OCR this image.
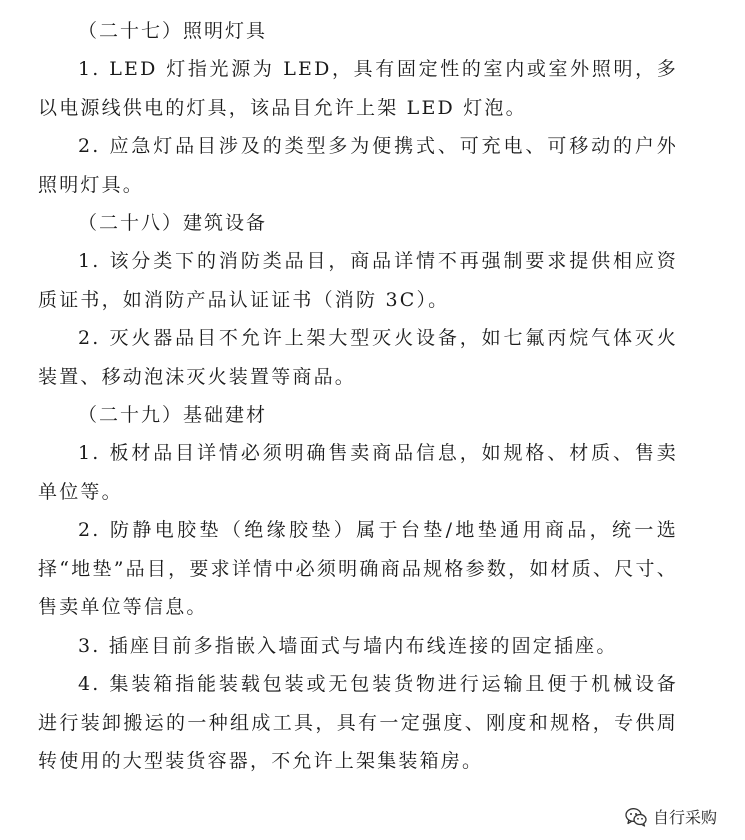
（二十七）照明灯具

1. LED 灯指光源为 LED，具有固定性的室内或室外照明，多以电源线供电的灯具，该品目允许上架 LED 灯泡。

2. 应急灯品目涉及的类型多为便携式、可充电、可移动的户外照明灯具。

（二十八）建筑设备

1. 该分类下的消防类品目，商品详情不再强制要求提供相应资质证书，如消防产品认证证书（消防 3C）。

2. 灭火器品目不允许上架大型灭火设备，如七氟丙烷气体灭火装置、移动泡沫灭火装置等商品。

（二十九）基础建材

1. 板材品目详情必须明确售卖商品信息，如规格、材质、售卖单位等。

2. 防静电胶垫（绝缘胶垫）属于台垫/地垫通用商品，统一选择“地垫”品目，要求详情中必须明确商品规格参数，如材质、尺寸、售卖单位等信息。

3. 插座目前多指嵌入墙面式与墙内布线连接的固定插座。

4. 集装箱指能装载包装或无包装货物进行运输且便于机械设备进行装卸搬运的一种组成工具，具有一定强度、刚度和规格，专供周转使用的大型装货容器，不允许上架集装箱房。

自行采购
